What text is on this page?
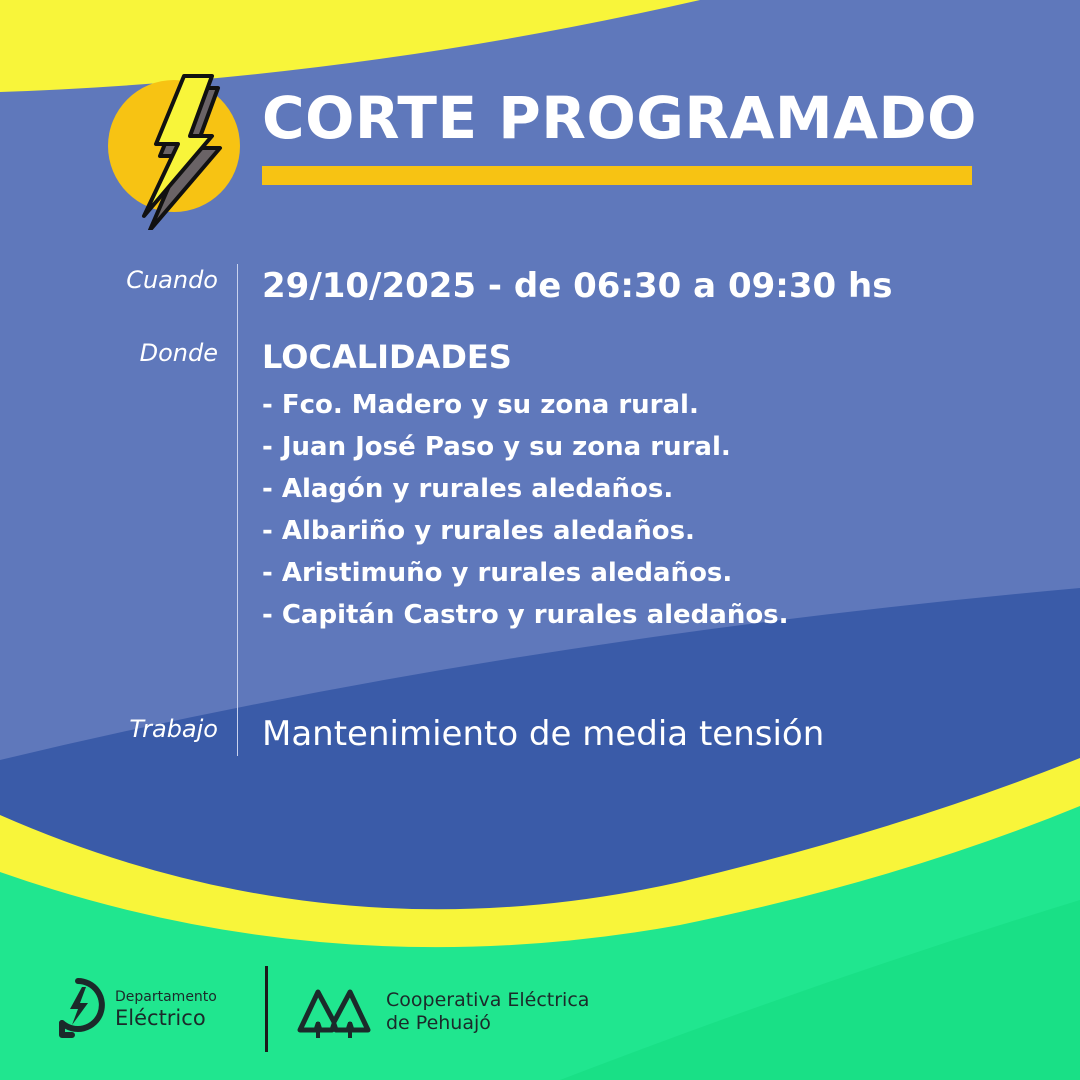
CORTE PROGRAMADO
Cuando 29/10/2025 - de 06:30 a 09:30 hs
Donde LOCALIDADES
- Fco. Madero y su zona rural.
- Juan José Paso y su zona rural.
- Alagón y rurales aledaños.
- Albariño y rurales aledaños.
- Aristimuño y rurales aledaños.
- Capitán Castro y rurales aledaños.
Trabajo Mantenimiento de media tensión
Departamento
Eléctrico
Cooperativa Eléctrica
de Pehuajó
